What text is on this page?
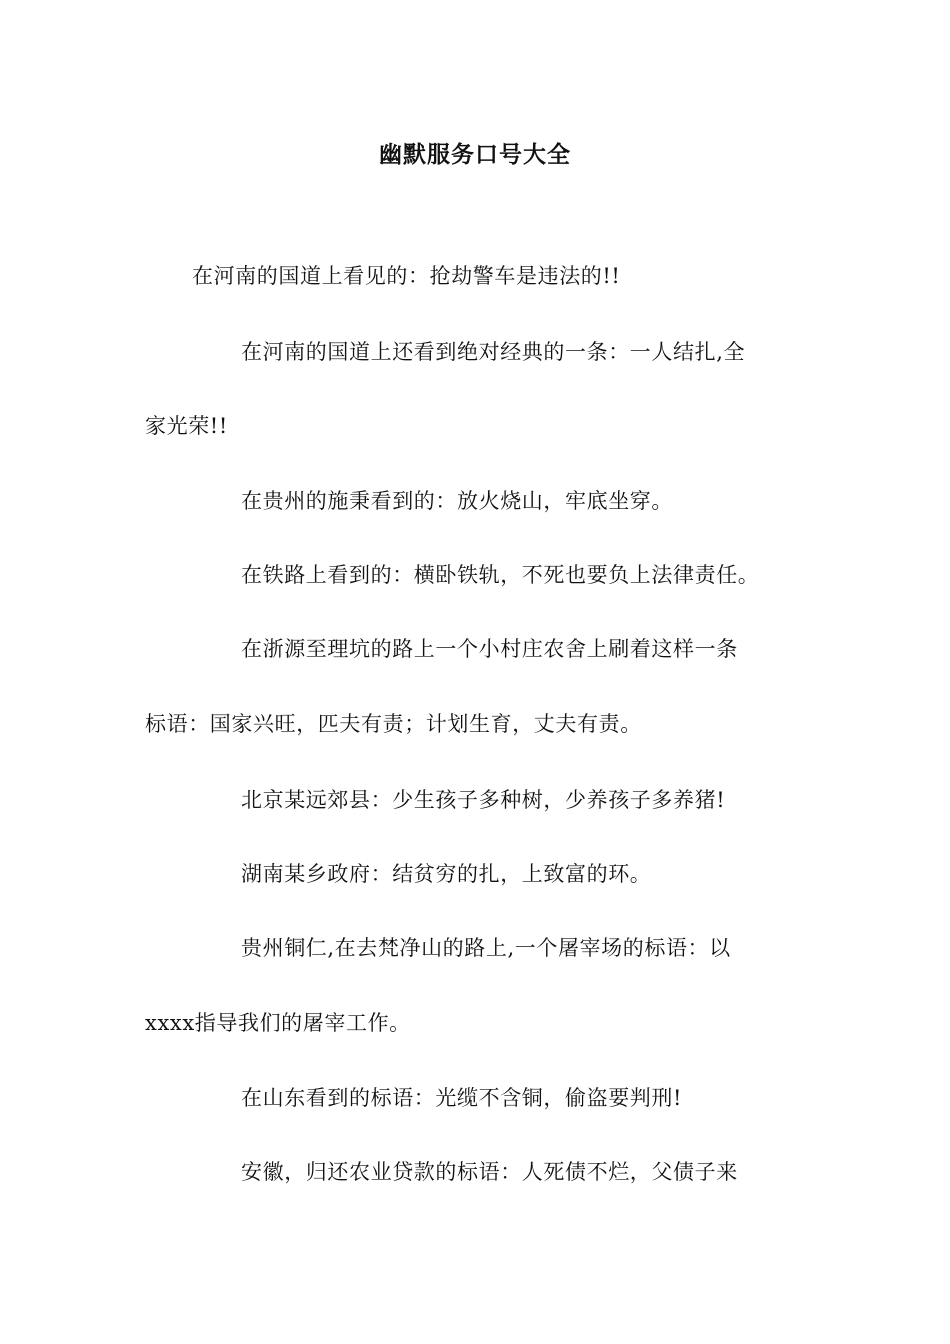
幽默服务口号大全
在河南的国道上看见的：抢劫警车是违法的!!
在河南的国道上还看到绝对经典的一条：一人结扎,全
家光荣!!
在贵州的施秉看到的：放火烧山，牢底坐穿。
在铁路上看到的：横卧铁轨，不死也要负上法律责任。
在浙源至理坑的路上一个小村庄农舍上刷着这样一条
标语：国家兴旺，匹夫有责；计划生育，丈夫有责。
北京某远郊县：少生孩子多种树，少养孩子多养猪!
湖南某乡政府：结贫穷的扎，上致富的环。
贵州铜仁,在去梵净山的路上,一个屠宰场的标语：以
xxxx指导我们的屠宰工作。
在山东看到的标语：光缆不含铜，偷盗要判刑!
安徽，归还农业贷款的标语：人死债不烂，父债子来
